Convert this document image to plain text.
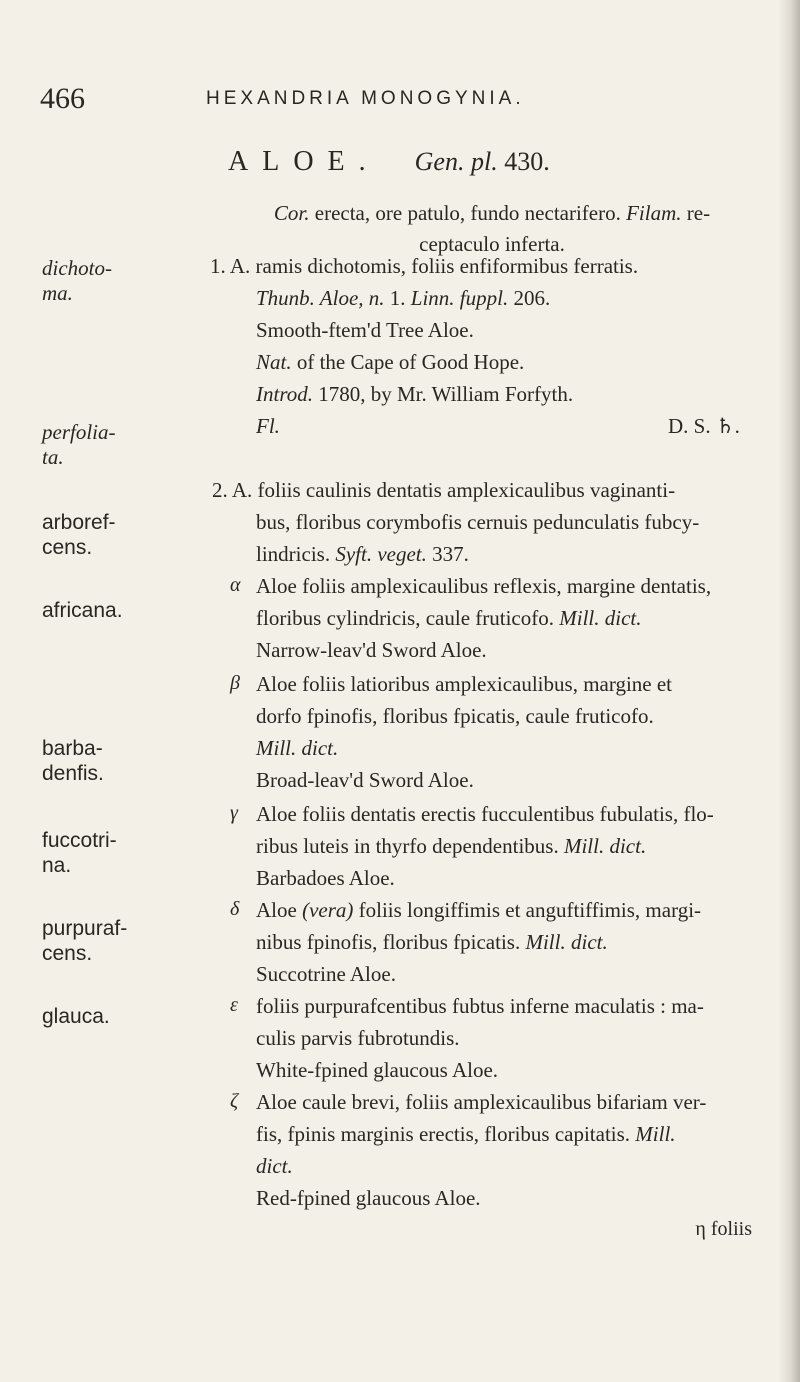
466	HEXANDRIA MONOGYNIA.
ALOE. Gen. pl. 430.
Cor. erecta, ore patulo, fundo nectarifero. Filam. re-
ceptaculo inferta.
dichoto-
ma.
perfolia-
ta.
arboref-
cens.
africana.
barba-
denfis.
fuccotri-
na.
purpuraf-
cens.
glauca.
1. A. ramis dichotomis, foliis enfiformibus ferratis.
Thunb. Aloe, n. 1. Linn. fuppl. 206.
Smooth-ftem'd Tree Aloe.
Nat. of the Cape of Good Hope.
Introd. 1780, by Mr. William Forfyth.
Fl.	D. S. ♄.
2. A. foliis caulinis dentatis amplexicaulibus vaginanti-
bus, floribus corymbofis cernuis pedunculatis fubcy-
lindricis. Syft. veget. 337.
α Aloe foliis amplexicaulibus reflexis, margine dentatis,
floribus cylindricis, caule fruticofo. Mill. dict.
Narrow-leav'd Sword Aloe.
β Aloe foliis latioribus amplexicaulibus, margine et
dorfo fpinofis, floribus fpicatis, caule fruticofo.
Mill. dict.
Broad-leav'd Sword Aloe.
γ Aloe foliis dentatis erectis fucculentibus fubulatis, flo-
ribus luteis in thyrfo dependentibus. Mill. dict.
Barbadoes Aloe.
δ Aloe (vera) foliis longiffimis et anguftiffimis, margi-
nibus fpinofis, floribus fpicatis. Mill. dict.
Succotrine Aloe.
ε foliis purpurafcentibus fubtus inferne maculatis : ma-
culis parvis fubrotundis.
White-fpined glaucous Aloe.
ζ Aloe caule brevi, foliis amplexicaulibus bifariam ver-
fis, fpinis marginis erectis, floribus capitatis. Mill.
dict.
Red-fpined glaucous Aloe.
η foliis
